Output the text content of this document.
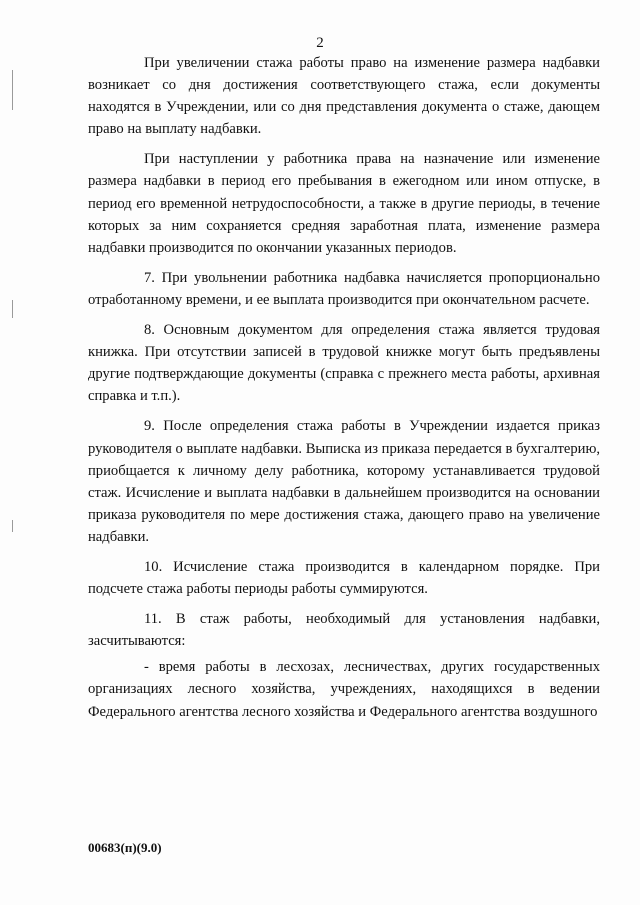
2

При увеличении стажа работы право на изменение размера надбавки возникает со дня достижения соответствующего стажа, если документы находятся в Учреждении, или со дня представления документа о стаже, дающем право на выплату надбавки.

При наступлении у работника права на назначение или изменение размера надбавки в период его пребывания в ежегодном или ином отпуске, в период его временной нетрудоспособности, а также в другие периоды, в течение которых за ним сохраняется средняя заработная плата, изменение размера надбавки производится по окончании указанных периодов.

7. При увольнении работника надбавка начисляется пропорционально отработанному времени, и ее выплата производится при окончательном расчете.

8. Основным документом для определения стажа является трудовая книжка. При отсутствии записей в трудовой книжке могут быть предъявлены другие подтверждающие документы (справка с прежнего места работы, архивная справка и т.п.).

9. После определения стажа работы в Учреждении издается приказ руководителя о выплате надбавки. Выписка из приказа передается в бухгалтерию, приобщается к личному делу работника, которому устанавливается трудовой стаж. Исчисление и выплата надбавки в дальнейшем производится на основании приказа руководителя по мере достижения стажа, дающего право на увеличение надбавки.

10. Исчисление стажа производится в календарном порядке. При подсчете стажа работы периоды работы суммируются.

11. В стаж работы, необходимый для установления надбавки, засчитываются:

- время работы в лесхозах, лесничествах, других государственных организациях лесного хозяйства, учреждениях, находящихся в ведении Федерального агентства лесного хозяйства и Федерального агентства воздушного

00683(п)(9.0)
